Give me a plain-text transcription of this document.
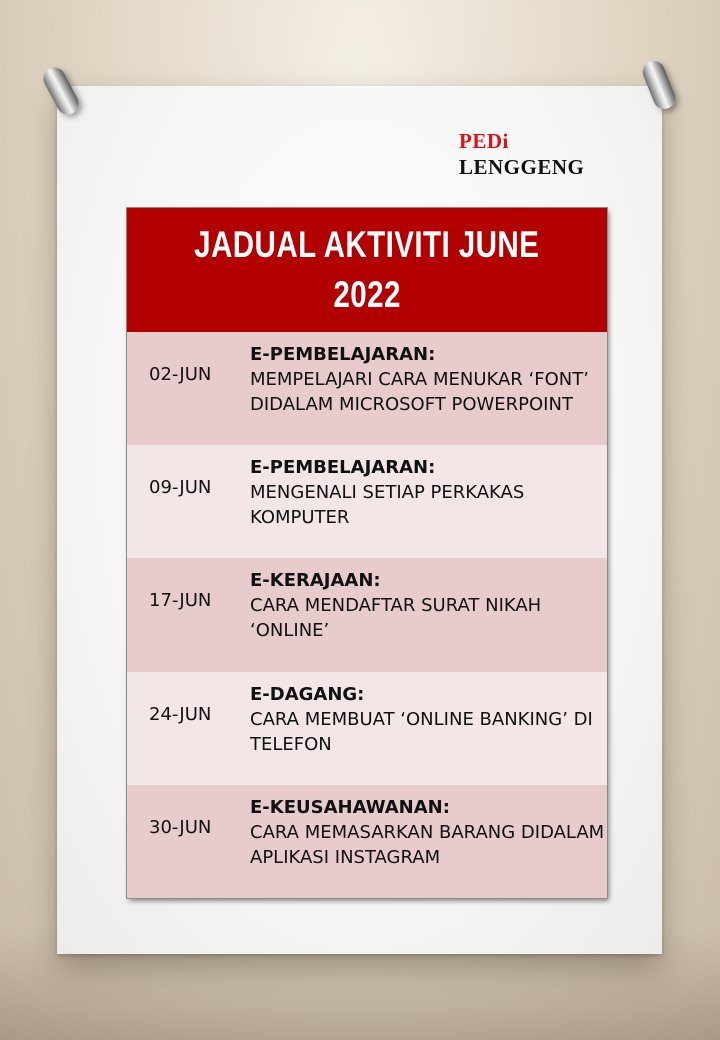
PEDi
LENGGENG
JADUAL AKTIVITI JUNE
2022
02-JUN
E-PEMBELAJARAN:
MEMPELAJARI CARA MENUKAR ‘FONT’ DIDALAM MICROSOFT POWERPOINT
09-JUN
E-PEMBELAJARAN:
MENGENALI SETIAP PERKAKAS KOMPUTER
17-JUN
E-KERAJAAN:
CARA MENDAFTAR SURAT NIKAH ‘ONLINE’
24-JUN
E-DAGANG:
CARA MEMBUAT ‘ONLINE BANKING’ DI TELEFON
30-JUN
E-KEUSAHAWANAN:
CARA MEMASARKAN BARANG DIDALAM APLIKASI INSTAGRAM
